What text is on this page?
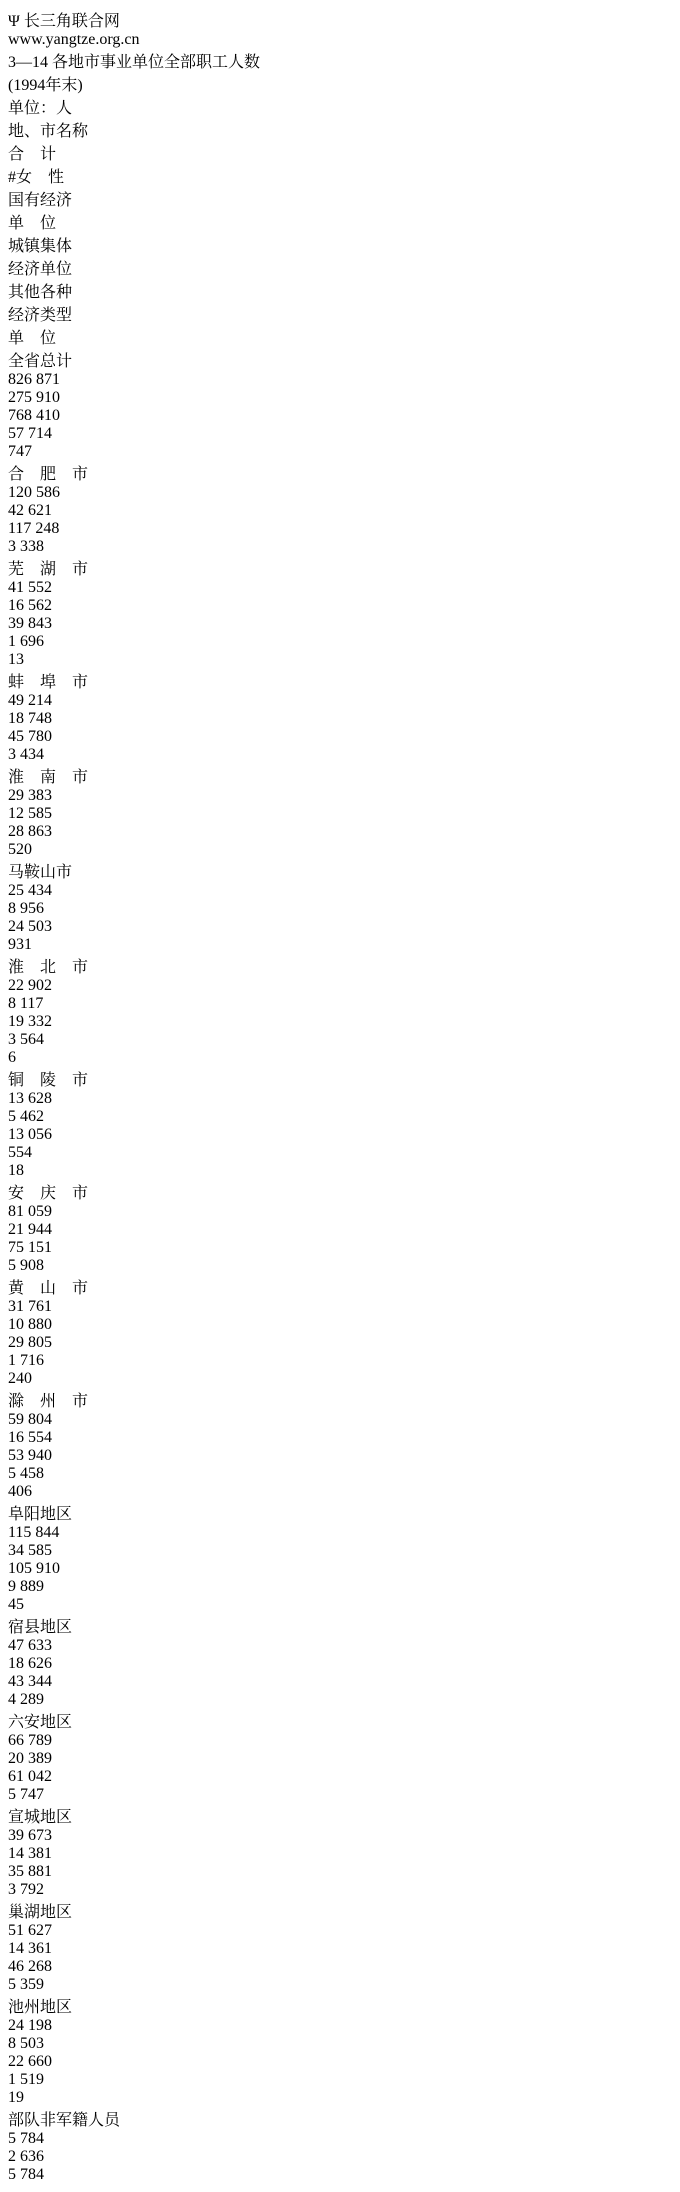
Ψ 长三角联合网
www.yangtze.org.cn
3—14 各地市事业单位全部职工人数
(1994年末)
单位：人
地、市名称
合　计
#女　性
国有经济
单　位
城镇集体
经济单位
其他各种
经济类型
单　位
全省总计
826 871
275 910
768 410
57 714
747
合　肥　市
120 586
42 621
117 248
3 338
芜　湖　市
41 552
16 562
39 843
1 696
13
蚌　埠　市
49 214
18 748
45 780
3 434
淮　南　市
29 383
12 585
28 863
520
马鞍山市
25 434
8 956
24 503
931
淮　北　市
22 902
8 117
19 332
3 564
6
铜　陵　市
13 628
5 462
13 056
554
18
安　庆　市
81 059
21 944
75 151
5 908
黄　山　市
31 761
10 880
29 805
1 716
240
滁　州　市
59 804
16 554
53 940
5 458
406
阜阳地区
115 844
34 585
105 910
9 889
45
宿县地区
47 633
18 626
43 344
4 289
六安地区
66 789
20 389
61 042
5 747
宣城地区
39 673
14 381
35 881
3 792
巢湖地区
51 627
14 361
46 268
5 359
池州地区
24 198
8 503
22 660
1 519
19
部队非军籍人员
5 784
2 636
5 784
